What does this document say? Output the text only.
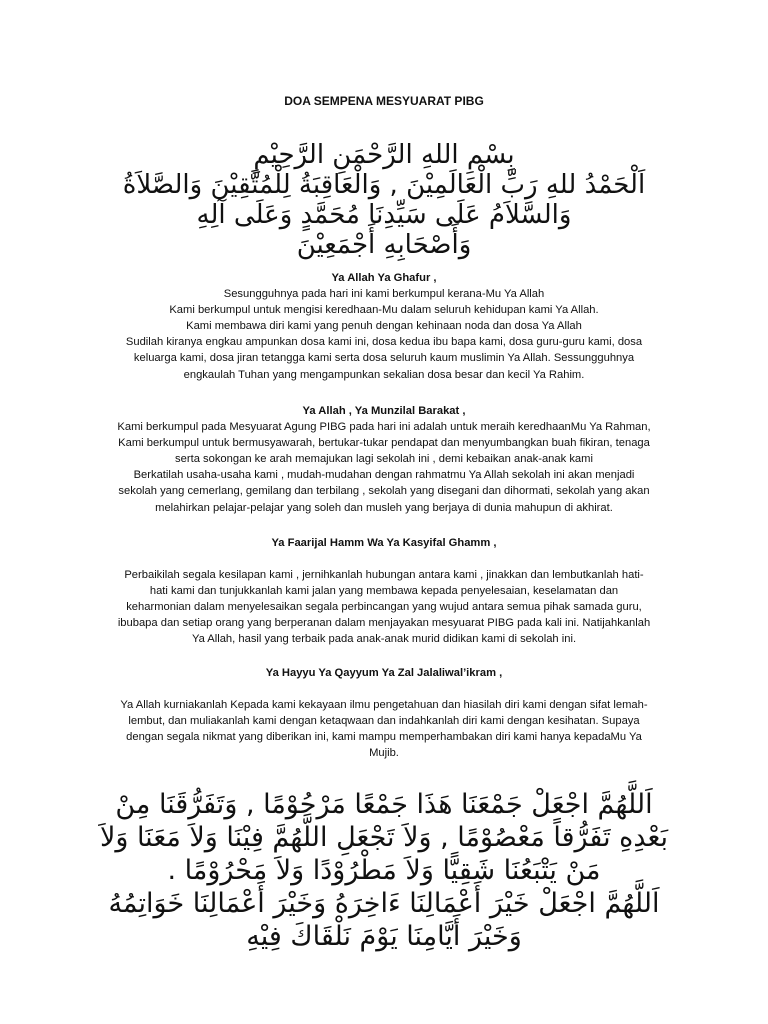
DOA SEMPENA MESYUARAT PIBG
بِسْمِ اللهِ الرَّحْمَنِ الرَّحِيْمِ
اَلْحَمْدُ للهِ رَبِّ الْعَالَمِيْنَ , وَالْعَاقِبَةُ لِلْمُتَّقِيْنَ وَالصَّلاَةُ
وَالسَّلاَمُ عَلَى سَيِّدِنَا مُحَمَّدٍ وَعَلَى آلِهِ
وَأَصْحَابِهِ أَجْمَعِيْنَ
Ya Allah Ya Ghafur ,
Sesungguhnya pada hari ini kami berkumpul kerana-Mu Ya Allah
Kami berkumpul untuk mengisi keredhaan-Mu dalam seluruh kehidupan kami Ya Allah.
Kami membawa diri kami yang penuh dengan kehinaan noda dan dosa Ya Allah
Sudilah kiranya engkau ampunkan dosa kami ini, dosa kedua ibu bapa kami, dosa guru-guru kami, dosa
keluarga kami, dosa jiran tetangga kami serta dosa seluruh kaum muslimin Ya Allah. Sessungguhnya
engkaulah Tuhan yang mengampunkan sekalian dosa besar dan kecil Ya Rahim.
Ya Allah , Ya Munzilal Barakat ,
Kami berkumpul pada Mesyuarat Agung PIBG pada hari ini adalah untuk meraih keredhaanMu Ya Rahman,
Kami berkumpul untuk bermusyawarah, bertukar-tukar pendapat dan menyumbangkan buah fikiran, tenaga
serta sokongan ke arah memajukan lagi sekolah ini , demi kebaikan anak-anak kami
Berkatilah usaha-usaha kami , mudah-mudahan dengan rahmatmu Ya Allah sekolah ini akan menjadi
sekolah yang cemerlang, gemilang dan terbilang , sekolah yang disegani dan dihormati, sekolah yang akan
melahirkan pelajar-pelajar yang soleh dan musleh yang berjaya di dunia mahupun di akhirat.
Ya Faarijal Hamm Wa Ya Kasyifal Ghamm ,
Perbaikilah segala kesilapan kami , jernihkanlah hubungan antara kami , jinakkan dan lembutkanlah hati-
hati kami dan tunjukkanlah kami jalan yang membawa kepada penyelesaian, keselamatan dan
keharmonian dalam menyelesaikan segala perbincangan yang wujud antara semua pihak samada guru,
ibubapa dan setiap orang yang berperanan dalam menjayakan mesyuarat PIBG pada kali ini. Natijahkanlah
Ya Allah, hasil yang terbaik pada anak-anak murid didikan kami di sekolah ini.
Ya Hayyu Ya Qayyum Ya Zal Jalaliwal’ikram ,
Ya Allah kurniakanlah Kepada kami kekayaan ilmu pengetahuan dan hiasilah diri kami dengan sifat lemah-
lembut, dan muliakanlah kami dengan ketaqwaan dan indahkanlah diri kami dengan kesihatan. Supaya
dengan segala nikmat yang diberikan ini, kami mampu memperhambakan diri kami hanya kepadaMu Ya
Mujib.
اَللَّهُمَّ اجْعَلْ جَمْعَنَا هَذَا جَمْعًا مَرْحُوْمًا , وَتَفَرُّقَنَا مِنْ
بَعْدِهِ تَفَرُّقاً مَعْصُوْمًا , وَلاَ تَجْعَلِ اللَّهُمَّ فِيْنَا وَلاَ مَعَنَا وَلاَ
مَنْ يَتْبَعُنَا شَقِيًّا وَلاَ مَطْرُوْدًا وَلاَ مَحْرُوْمًا .
اَللَّهُمَّ اجْعَلْ خَيْرَ أَعْمَالِنَا ءَاخِرَهُ وَخَيْرَ أَعْمَالِنَا خَوَاتِمُهُ
وَخَيْرَ أَيَّامِنَا يَوْمَ نَلْقَاكَ فِيْهِ
